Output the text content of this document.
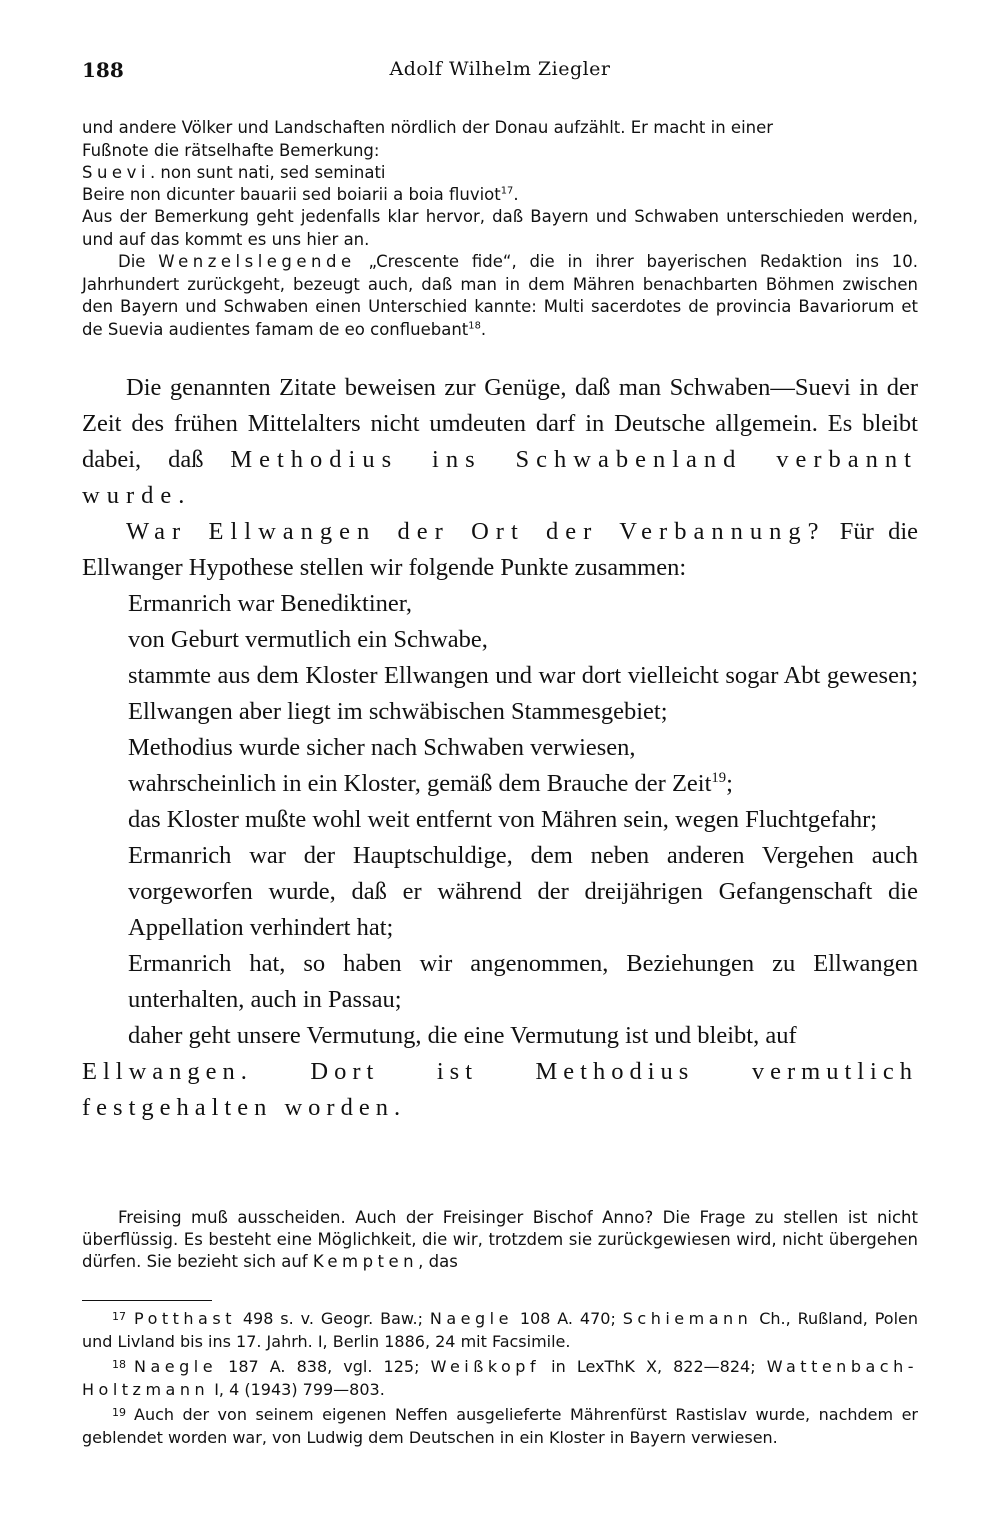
188	Adolf Wilhelm Ziegler

und andere Völker und Landschaften nördlich der Donau aufzählt. Er macht in einer
Fußnote die rätselhafte Bemerkung:

Suevi. non sunt nati, sed seminati

Beire non dicunter bauarii sed boiarii a boia fluviot$^{17}$.

Aus der Bemerkung geht jedenfalls klar hervor, daß Bayern und Schwaben unterschieden werden, und auf das kommt es uns hier an.

Die Wenzelslegende „Crescente fide“, die in ihrer bayerischen Redaktion ins 10. Jahrhundert zurückgeht, bezeugt auch, daß man in dem Mähren benachbarten Böhmen zwischen den Bayern und Schwaben einen Unterschied kannte: Multi sacerdotes de provincia Bavariorum et de Suevia audientes famam de eo confluebant$^{18}$.

Die genannten Zitate beweisen zur Genüge, daß man Schwaben—Suevi in der Zeit des frühen Mittelalters nicht umdeuten darf in Deutsche allgemein. Es bleibt dabei, daß Methodius ins Schwabenland verbannt wurde.

War Ellwangen der Ort der Verbannung? Für die Ellwanger Hypothese stellen wir folgende Punkte zusammen:

Ermanrich war Benediktiner,

von Geburt vermutlich ein Schwabe,

stammte aus dem Kloster Ellwangen und war dort vielleicht sogar Abt gewesen; Ellwangen aber liegt im schwäbischen Stammesgebiet;

Methodius wurde sicher nach Schwaben verwiesen,

wahrscheinlich in ein Kloster, gemäß dem Brauche der Zeit$^{19}$;

das Kloster mußte wohl weit entfernt von Mähren sein, wegen Fluchtgefahr;

Ermanrich war der Hauptschuldige, dem neben anderen Vergehen auch vorgeworfen wurde, daß er während der dreijährigen Gefangenschaft die Appellation verhindert hat;

Ermanrich hat, so haben wir angenommen, Beziehungen zu Ellwangen unterhalten, auch in Passau;

daher geht unsere Vermutung, die eine Vermutung ist und bleibt, auf

Ellwangen. Dort ist Methodius vermutlich festgehalten worden.

Freising muß ausscheiden. Auch der Freisinger Bischof Anno? Die Frage zu stellen ist nicht überflüssig. Es besteht eine Möglichkeit, die wir, trotzdem sie zurückgewiesen wird, nicht übergehen dürfen. Sie bezieht sich auf Kempten, das

$^{17}$ Potthast 498 s. v. Geogr. Baw.; Naegle 108 A. 470; Schiemann Ch., Rußland, Polen und Livland bis ins 17. Jahrh. I, Berlin 1886, 24 mit Facsimile.

$^{18}$ Naegle 187 A. 838, vgl. 125; Weißkopf in LexThK X, 822—824; Wattenbach-Holtzmann I, 4 (1943) 799—803.

$^{19}$ Auch der von seinem eigenen Neffen ausgelieferte Mährenfürst Rastislav wurde, nachdem er geblendet worden war, von Ludwig dem Deutschen in ein Kloster in Bayern verwiesen.
